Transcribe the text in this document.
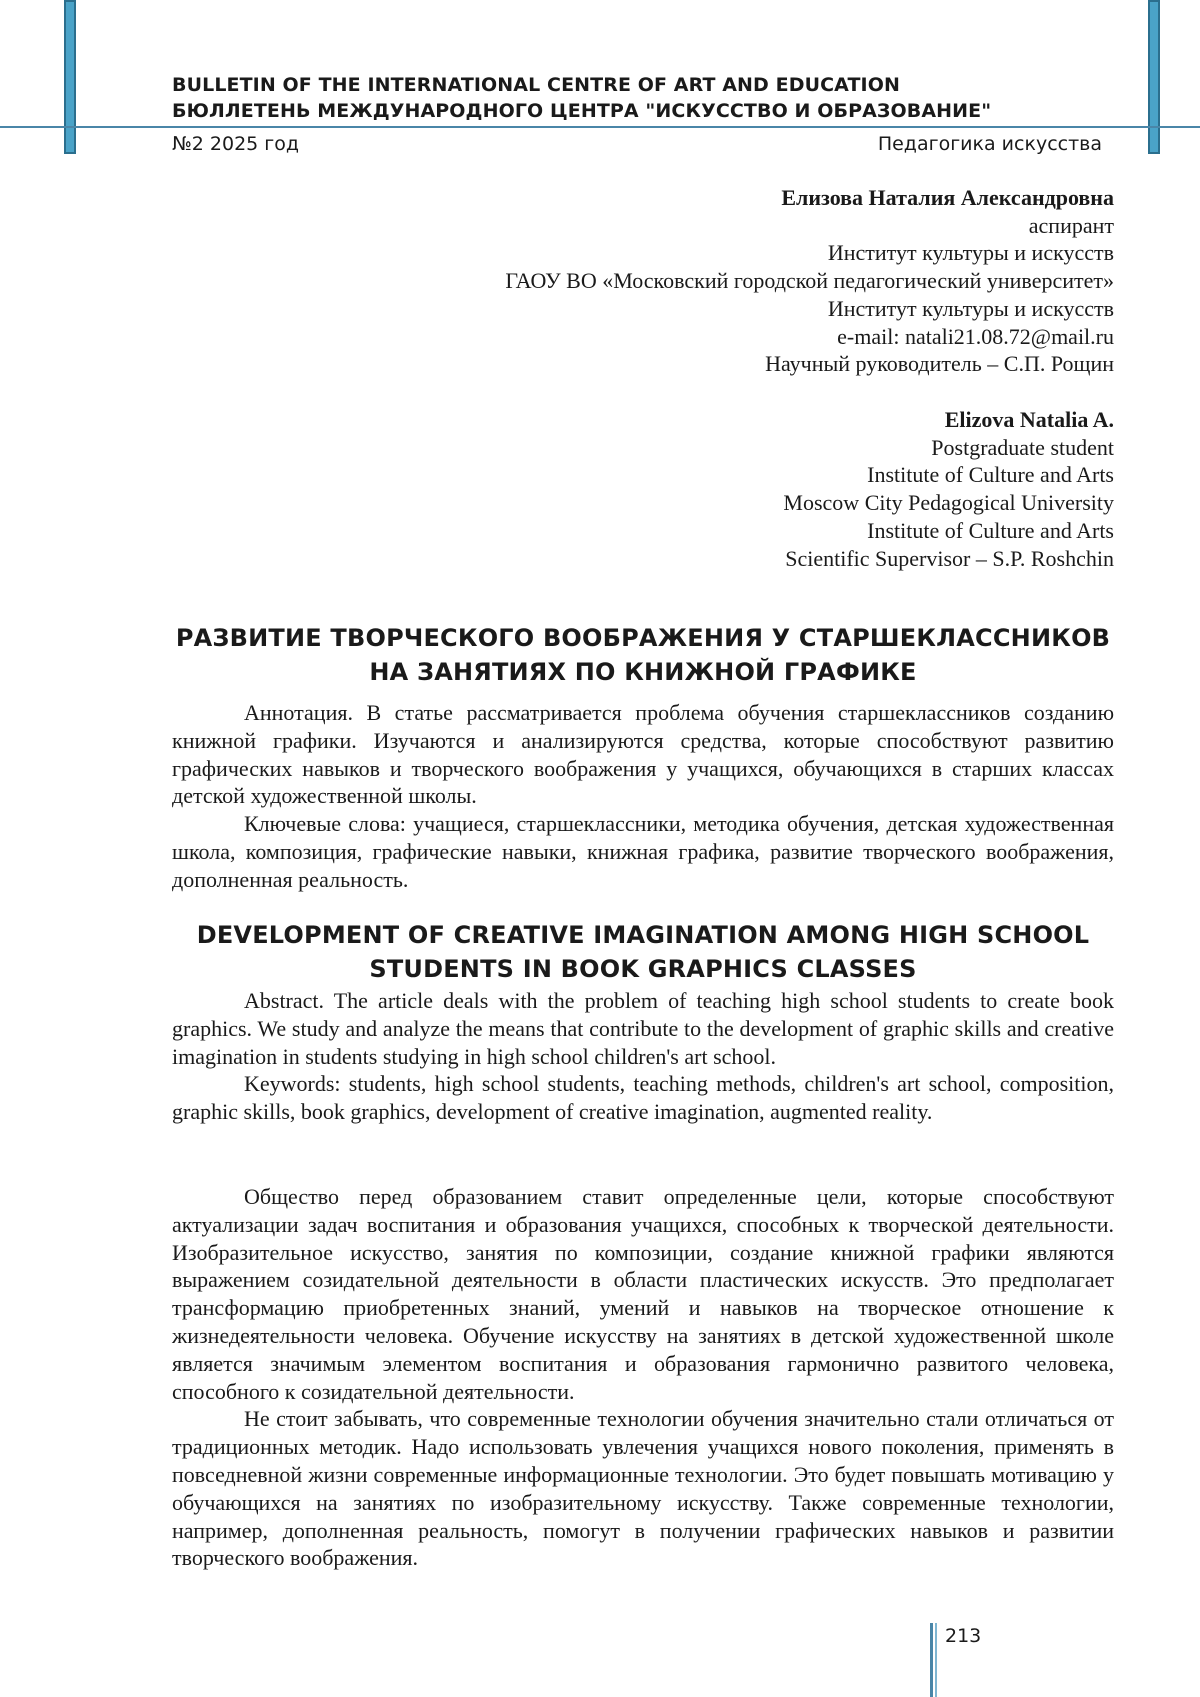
BULLETIN OF THE INTERNATIONAL CENTRE OF ART AND EDUCATION
БЮЛЛЕТЕНЬ МЕЖДУНАРОДНОГО ЦЕНТРА "ИСКУССТВО И ОБРАЗОВАНИЕ"
№2 2025 год	Педагогика искусства
Елизова Наталия Александровна
аспирант
Институт культуры и искусств
ГАОУ ВО «Московский городской педагогический университет»
Институт культуры и искусств
e-mail: natali21.08.72@mail.ru
Научный руководитель – С.П. Рощин
Elizova Natalia A.
Postgraduate student
Institute of Culture and Arts
Moscow City Pedagogical University
Institute of Culture and Arts
Scientific Supervisor – S.P. Roshchin
РАЗВИТИЕ ТВОРЧЕСКОГО ВООБРАЖЕНИЯ У СТАРШЕКЛАССНИКОВ
НА ЗАНЯТИЯХ ПО КНИЖНОЙ ГРАФИКЕ

Аннотация. В статье рассматривается проблема обучения старшеклассников созданию книжной графики. Изучаются и анализируются средства, которые способствуют развитию графических навыков и творческого воображения у учащихся, обучающихся в старших классах детской художественной школы.

Ключевые слова: учащиеся, старшеклассники, методика обучения, детская художественная школа, композиция, графические навыки, книжная графика, развитие творческого воображения, дополненная реальность.

DEVELOPMENT OF CREATIVE IMAGINATION AMONG HIGH SCHOOL
STUDENTS IN BOOK GRAPHICS CLASSES

Abstract. The article deals with the problem of teaching high school students to create book graphics. We study and analyze the means that contribute to the development of graphic skills and creative imagination in students studying in high school children's art school.

Keywords: students, high school students, teaching methods, children's art school, composition, graphic skills, book graphics, development of creative imagination, augmented reality.

Общество перед образованием ставит определенные цели, которые способствуют актуализации задач воспитания и образования учащихся, способных к творческой деятельности. Изобразительное искусство, занятия по композиции, создание книжной графики являются выражением созидательной деятельности в области пластических искусств. Это предполагает трансформацию приобретенных знаний, умений и навыков на творческое отношение к жизнедеятельности человека. Обучение искусству на занятиях в детской художественной школе является значимым элементом воспитания и образования гармонично развитого человека, способного к созидательной деятельности.

Не стоит забывать, что современные технологии обучения значительно стали отличаться от традиционных методик. Надо использовать увлечения учащихся нового поколения, применять в повседневной жизни современные информационные технологии. Это будет повышать мотивацию у обучающихся на занятиях по изобразительному искусству. Также современные технологии, например, дополненная реальность, помогут в получении графических навыков и развитии творческого воображения.

213
